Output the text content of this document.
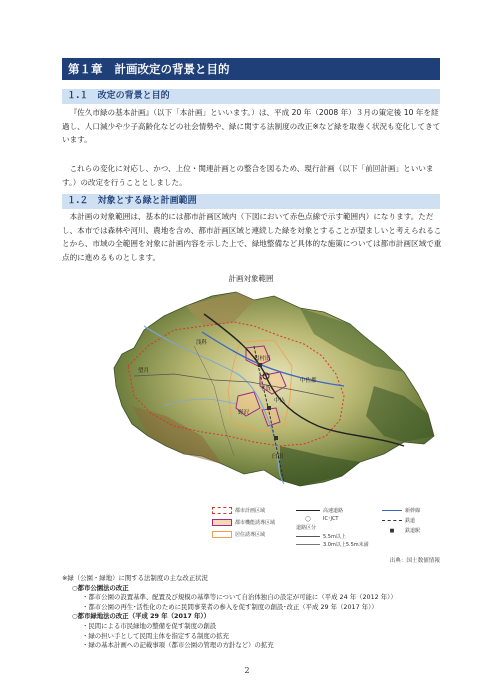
第１章 計画改定の背景と目的
１.１ 改定の背景と目的

『佐久市緑の基本計画』（以下「本計画」といいます。）は、平成 20 年（2008 年）３月の策定後 10 年を経過し、人口減少や少子高齢化などの社会情勢や、緑に関する法制度の改正※など緑を取巻く状況も変化してきています。

これらの変化に対応し、かつ、上位・関連計画との整合を図るため、現行計画（以下「前回計画」といいます。）の改定を行うこととしました。

１.２ 対象とする緑と計画範囲

本計画の対象範囲は、基本的には都市計画区域内（下図において赤色点線で示す範囲内）になります。ただし、本市では森林や河川、農地を含め、都市計画区域と連続した緑を対象とすることが望ましいと考えられることから、市域の全範囲を対象に計画内容を示した上で、緑地整備など具体的な施策については都市計画区域で重点的に進めるものとします。

計画対象範囲
浅科
望月
臼田
野沢
中込
岩村田
中佐都
平賀
都市計画区域
都市機能誘導区域
居住誘導区域
高速道路
◯	IC･JCT
道路区分
5.5m以上
3.0m以上5.5m未満
新幹線
鉄道
■	鉄道駅
出典：国土数値情報
※緑（公園・緑地）に関する法制度の主な改正状況
○都市公園法の改正
・都市公園の設置基準、配置及び規模の基準等について自治体独自の設定が可能に（平成 24 年（2012 年））
・都市公園の再生･活性化のために民間事業者の参入を促す制度の創設･改正（平成 29 年（2017 年））
○都市緑地法の改正（平成 29 年（2017 年））
・民間による市民緑地の整備を促す制度の創設
・緑の担い手として民間主体を指定する制度の拡充
・緑の基本計画への記載事項（都市公園の管理の方針など）の拡充
2
